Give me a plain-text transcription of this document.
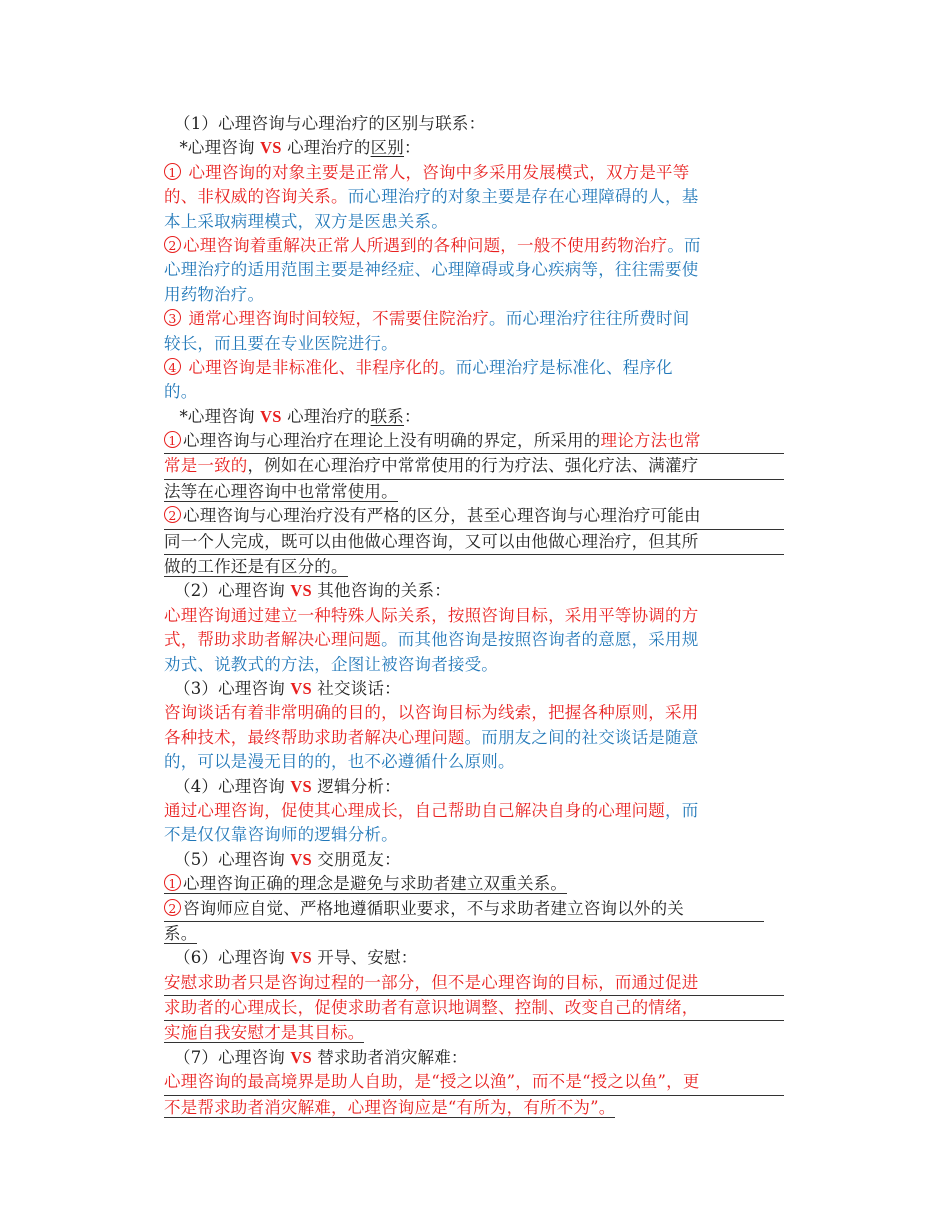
（1）心理咨询与心理治疗的区别与联系：
*心理咨询 VS 心理治疗的区别：
1 心理咨询的对象主要是正常人，咨询中多采用发展模式，双方是平等
的、非权威的咨询关系。而心理治疗的对象主要是存在心理障碍的人，基
本上采取病理模式，双方是医患关系。
2 心理咨询着重解决正常人所遇到的各种问题，一般不使用药物治疗。而
心理治疗的适用范围主要是神经症、心理障碍或身心疾病等，往往需要使
用药物治疗。
3 通常心理咨询时间较短，不需要住院治疗。而心理治疗往往所费时间
较长，而且要在专业医院进行。
4 心理咨询是非标准化、非程序化的。而心理治疗是标准化、程序化
的。
*心理咨询 VS 心理治疗的联系：
1 心理咨询与心理治疗在理论上没有明确的界定，所采用的理论方法也常
常是一致的，例如在心理治疗中常常使用的行为疗法、强化疗法、满灌疗
法等在心理咨询中也常常使用。
2 心理咨询与心理治疗没有严格的区分，甚至心理咨询与心理治疗可能由
同一个人完成，既可以由他做心理咨询，又可以由他做心理治疗，但其所
做的工作还是有区分的。
（2）心理咨询 VS 其他咨询的关系：
心理咨询通过建立一种特殊人际关系，按照咨询目标，采用平等协调的方
式，帮助求助者解决心理问题。而其他咨询是按照咨询者的意愿，采用规
劝式、说教式的方法，企图让被咨询者接受。
（3）心理咨询 VS 社交谈话：
咨询谈话有着非常明确的目的，以咨询目标为线索，把握各种原则，采用
各种技术，最终帮助求助者解决心理问题。而朋友之间的社交谈话是随意
的，可以是漫无目的的，也不必遵循什么原则。
（4）心理咨询 VS 逻辑分析：
通过心理咨询，促使其心理成长，自己帮助自己解决自身的心理问题，而
不是仅仅靠咨询师的逻辑分析。
（5）心理咨询 VS 交朋觅友：
1 心理咨询正确的理念是避免与求助者建立双重关系。
2 咨询师应自觉、严格地遵循职业要求，不与求助者建立咨询以外的关
系。
（6）心理咨询 VS 开导、安慰：
安慰求助者只是咨询过程的一部分，但不是心理咨询的目标，而通过促进
求助者的心理成长，促使求助者有意识地调整、控制、改变自己的情绪，
实施自我安慰才是其目标。
（7）心理咨询 VS 替求助者消灾解难：
心理咨询的最高境界是助人自助，是“授之以渔”，而不是“授之以鱼”，更
不是帮求助者消灾解难，心理咨询应是“有所为，有所不为”。
